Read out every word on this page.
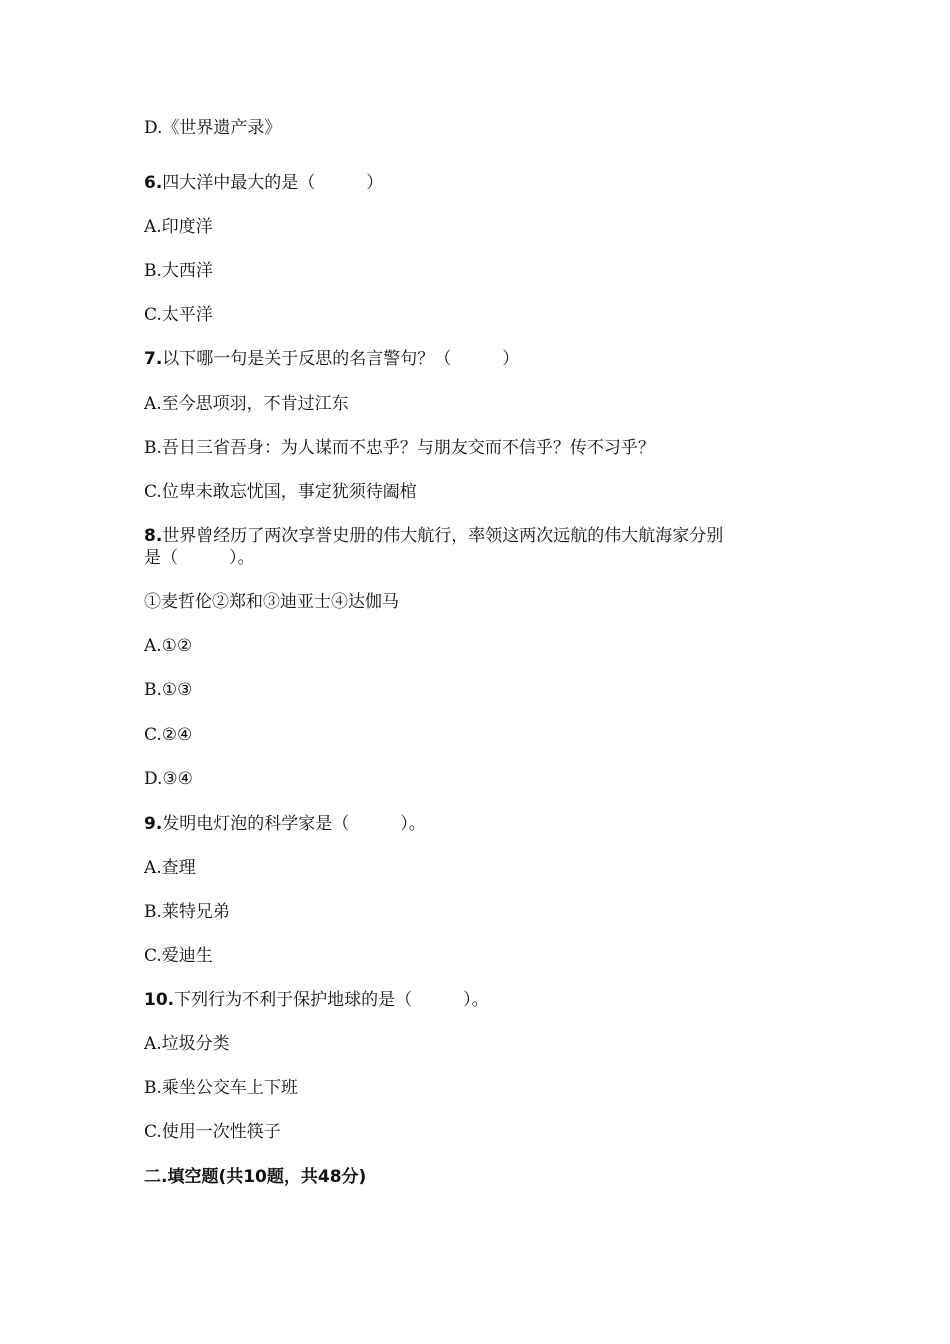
D.《世界遗产录》
6.四大洋中最大的是（　　　）
A.印度洋
B.大西洋
C.太平洋
7.以下哪一句是关于反思的名言警句？（　　　）
A.至今思项羽，不肯过江东
B.吾日三省吾身：为人谋而不忠乎？与朋友交而不信乎？传不习乎？
C.位卑未敢忘忧国，事定犹须待阖棺
8.世界曾经历了两次享誉史册的伟大航行，率领这两次远航的伟大航海家分别
是（　　　）。
①麦哲伦②郑和③迪亚士④达伽马
A.①②
B.①③
C.②④
D.③④
9.发明电灯泡的科学家是（　　　）。
A.查理
B.莱特兄弟
C.爱迪生
10.下列行为不利于保护地球的是（　　　）。
A.垃圾分类
B.乘坐公交车上下班
C.使用一次性筷子
二.填空题(共10题，共48分)
